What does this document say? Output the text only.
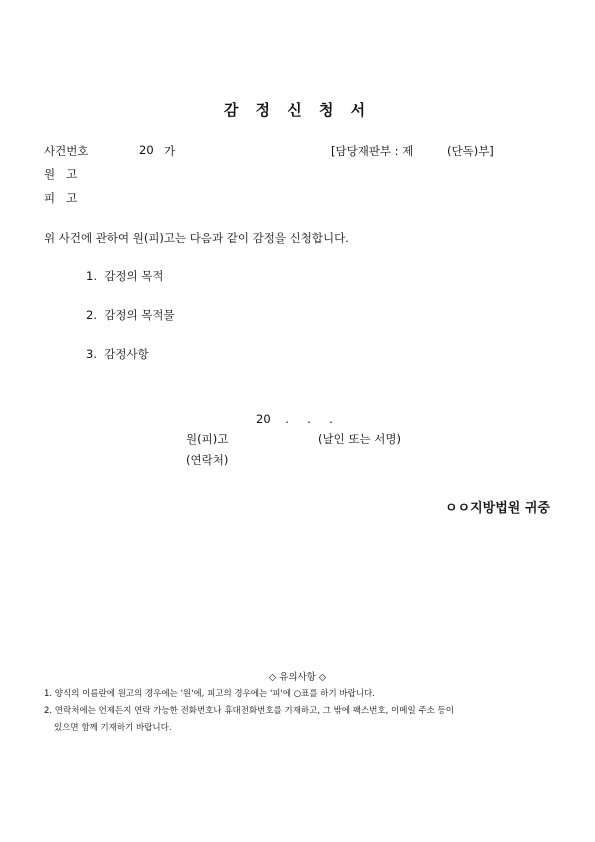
감 정 신 청 서
사건번호	20 가	[담당재판부 : 제	(단독)부]
원   고
피   고
위 사건에 관하여 원(피)고는 다음과 같이 감정을 신청합니다.
1.  감정의 목적
2.  감정의 목적물
3.  감정사항
20    .     .     .
원(피)고	(날인 또는 서명)
(연락처)
ㅇㅇ지방법원 귀중
◇ 유의사항 ◇
1. 양식의 이름란에 원고의 경우에는 '원'에, 피고의 경우에는 '피'에 ○표를 하기 바랍니다.
2. 연락처에는 언제든지 연락 가능한 전화번호나 휴대전화번호를 기재하고, 그 밖에 팩스번호, 이메일 주소 등이
있으면 함께 기재하기 바랍니다.
